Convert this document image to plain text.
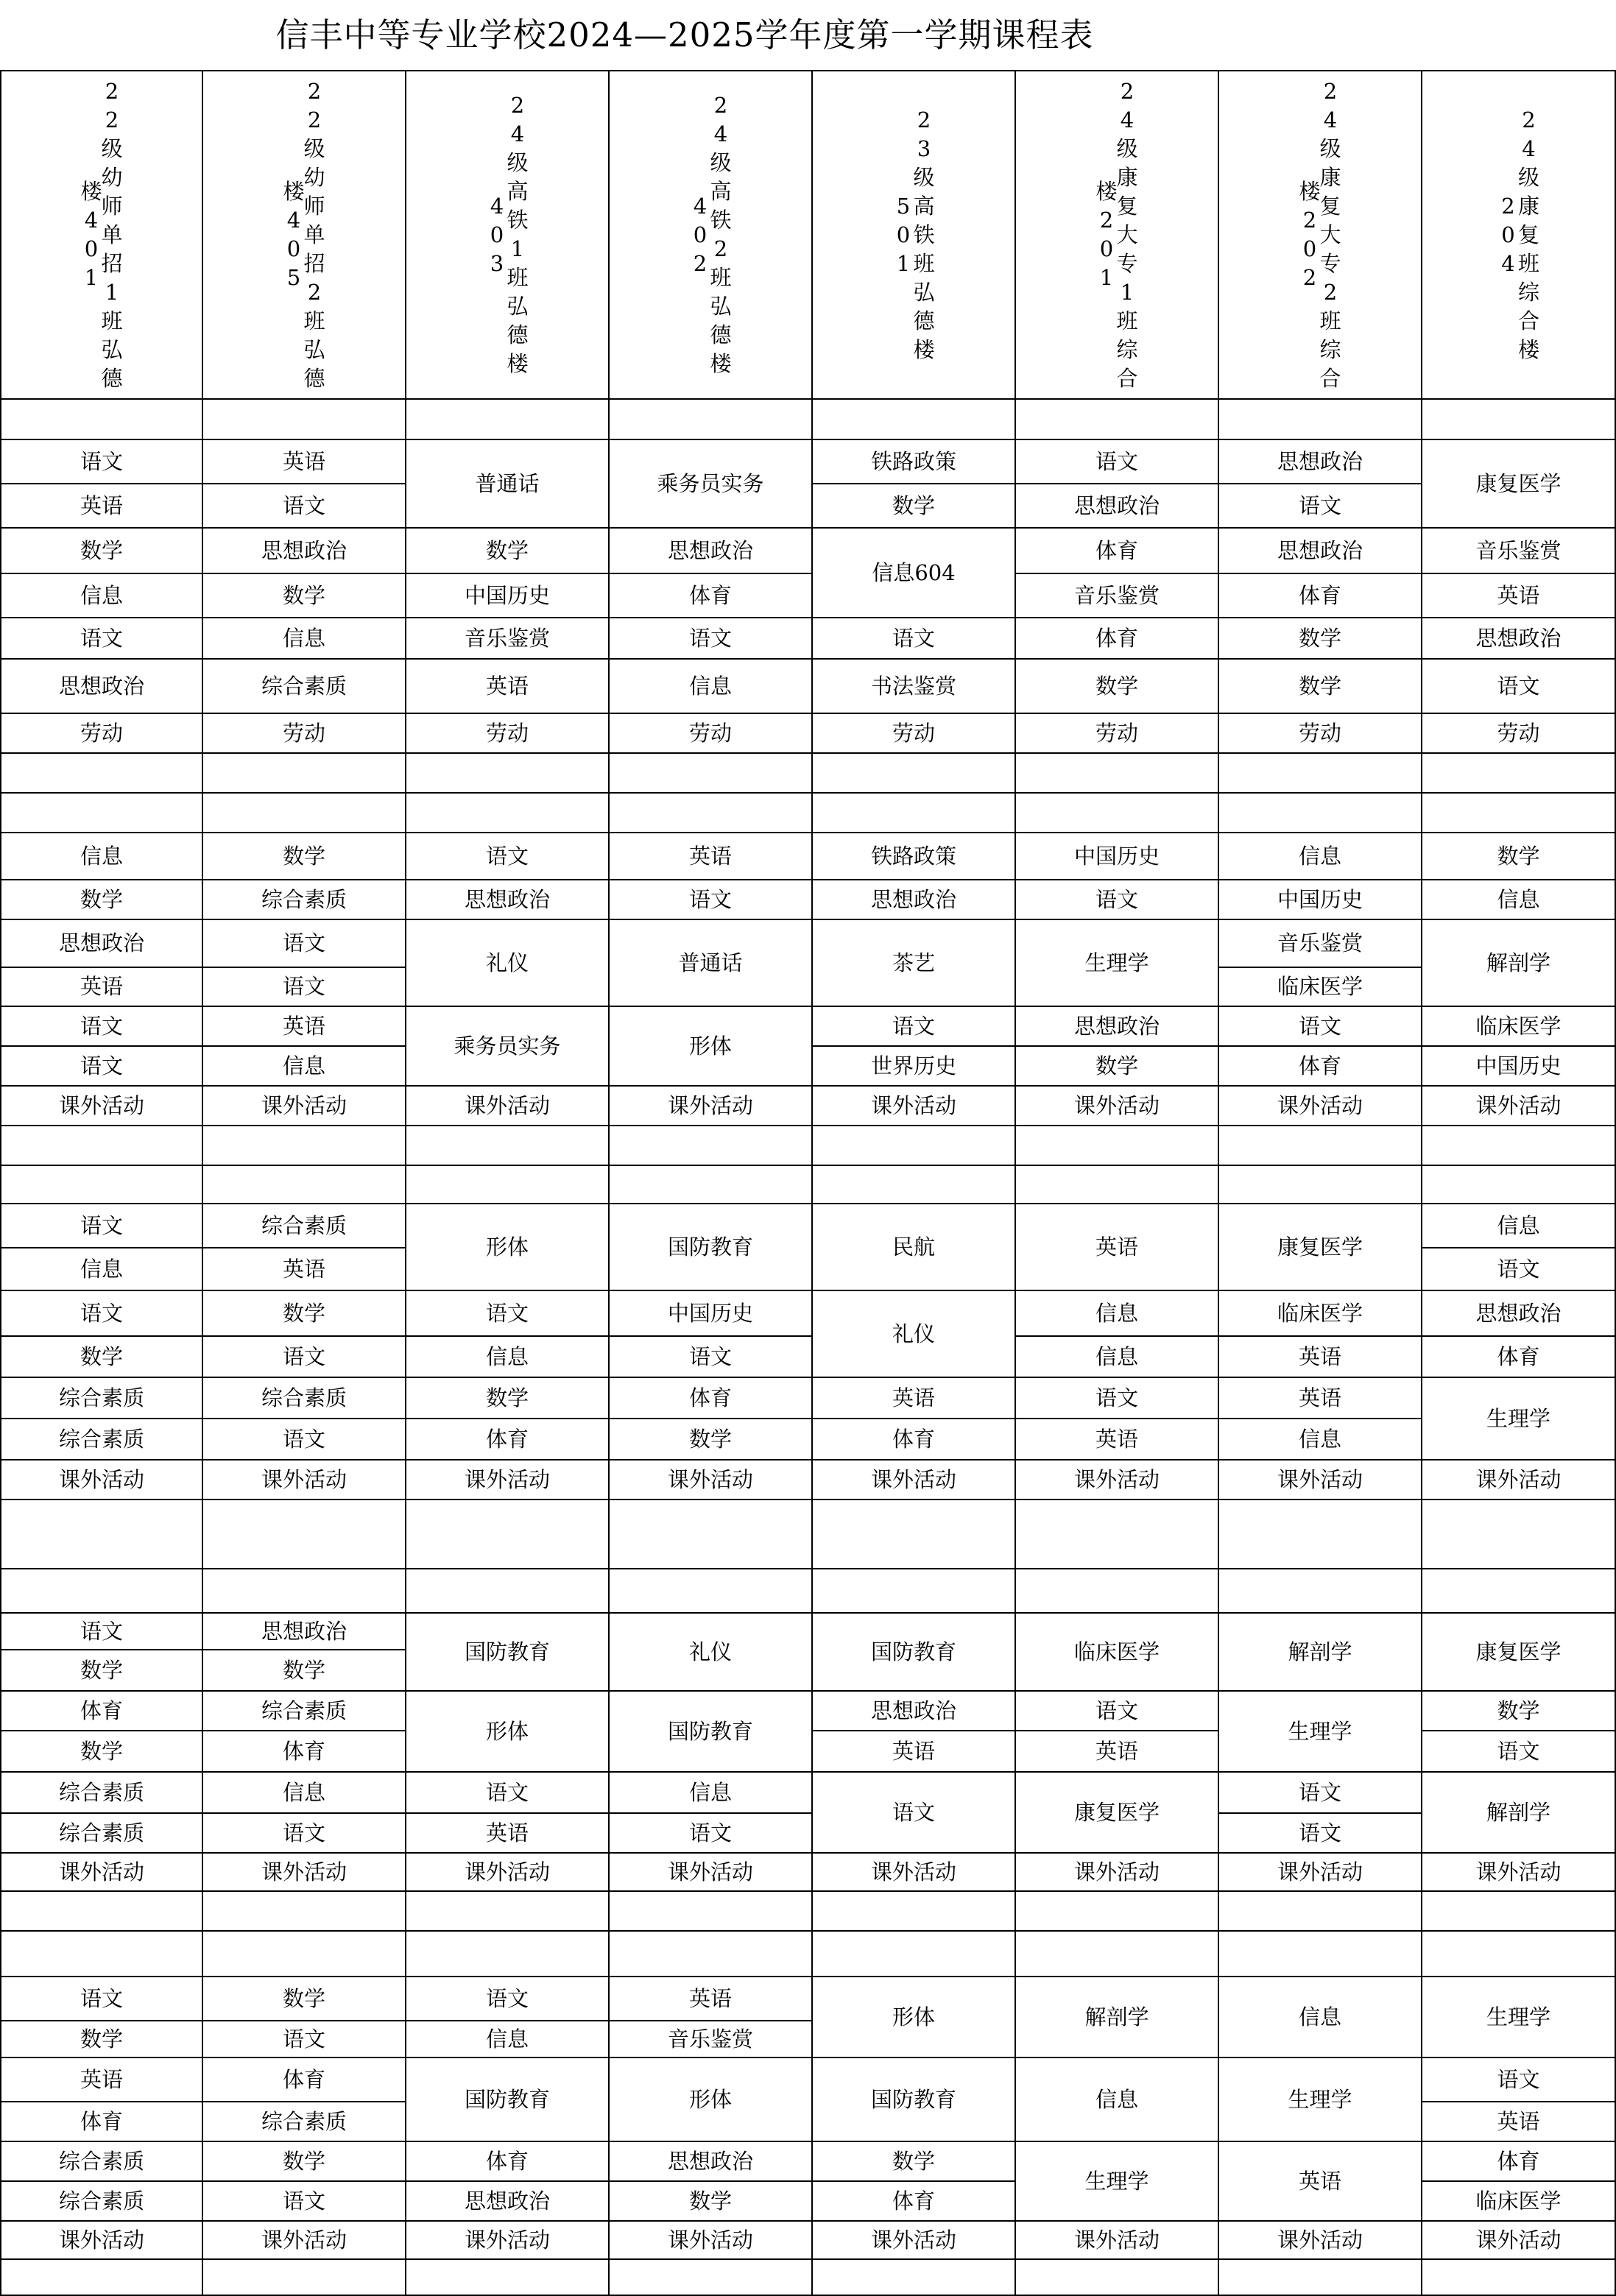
信丰中等专业学校2024—2025学年度第一学期课程表
2
2
级
幼
师
单
招
1
班
弘
德
楼
4
0
1
2
2
级
幼
师
单
招
2
班
弘
德
楼
4
0
5
2
4
级
高
铁
1
班
弘
德
楼
4
0
3
2
4
级
高
铁
2
班
弘
德
楼
4
0
2
2
3
级
高
铁
班
弘
德
楼
5
0
1
2
4
级
康
复
大
专
1
班
综
合
楼
2
0
1
2
4
级
康
复
大
专
2
班
综
合
楼
2
0
2
2
4
级
康
复
班
综
合
楼
2
0
4
语文
英语
数学
信息
语文
思想政治
劳动
英语
语文
思想政治
数学
信息
综合素质
劳动
普通话
数学
中国历史
音乐鉴赏
英语
劳动
乘务员实务
思想政治
体育
语文
信息
劳动
铁路政策
数学
信息604
语文
书法鉴赏
劳动
语文
思想政治
体育
音乐鉴赏
体育
数学
劳动
思想政治
语文
思想政治
体育
数学
数学
劳动
康复医学
音乐鉴赏
英语
思想政治
语文
劳动
信息
数学
思想政治
英语
语文
语文
课外活动
数学
综合素质
语文
语文
英语
信息
课外活动
语文
思想政治
礼仪
乘务员实务
课外活动
英语
语文
普通话
形体
课外活动
铁路政策
思想政治
茶艺
语文
世界历史
课外活动
中国历史
语文
生理学
思想政治
数学
课外活动
信息
中国历史
音乐鉴赏
临床医学
语文
体育
课外活动
数学
信息
解剖学
临床医学
中国历史
课外活动
语文
信息
语文
数学
综合素质
综合素质
课外活动
综合素质
英语
数学
语文
综合素质
语文
课外活动
形体
语文
信息
数学
体育
课外活动
国防教育
中国历史
语文
体育
数学
课外活动
民航
礼仪
英语
体育
课外活动
英语
信息
信息
语文
英语
课外活动
康复医学
临床医学
英语
英语
信息
课外活动
信息
语文
思想政治
体育
生理学
课外活动
语文
数学
体育
数学
综合素质
综合素质
课外活动
思想政治
数学
综合素质
体育
信息
语文
课外活动
国防教育
形体
语文
英语
课外活动
礼仪
国防教育
信息
语文
课外活动
国防教育
思想政治
英语
语文
课外活动
临床医学
语文
英语
康复医学
课外活动
解剖学
生理学
语文
语文
课外活动
康复医学
数学
语文
解剖学
课外活动
语文
数学
英语
体育
综合素质
综合素质
课外活动
数学
语文
体育
综合素质
数学
语文
课外活动
语文
信息
国防教育
体育
思想政治
课外活动
英语
音乐鉴赏
形体
思想政治
数学
课外活动
形体
国防教育
数学
体育
课外活动
解剖学
信息
生理学
课外活动
信息
生理学
英语
课外活动
生理学
语文
英语
体育
临床医学
课外活动
